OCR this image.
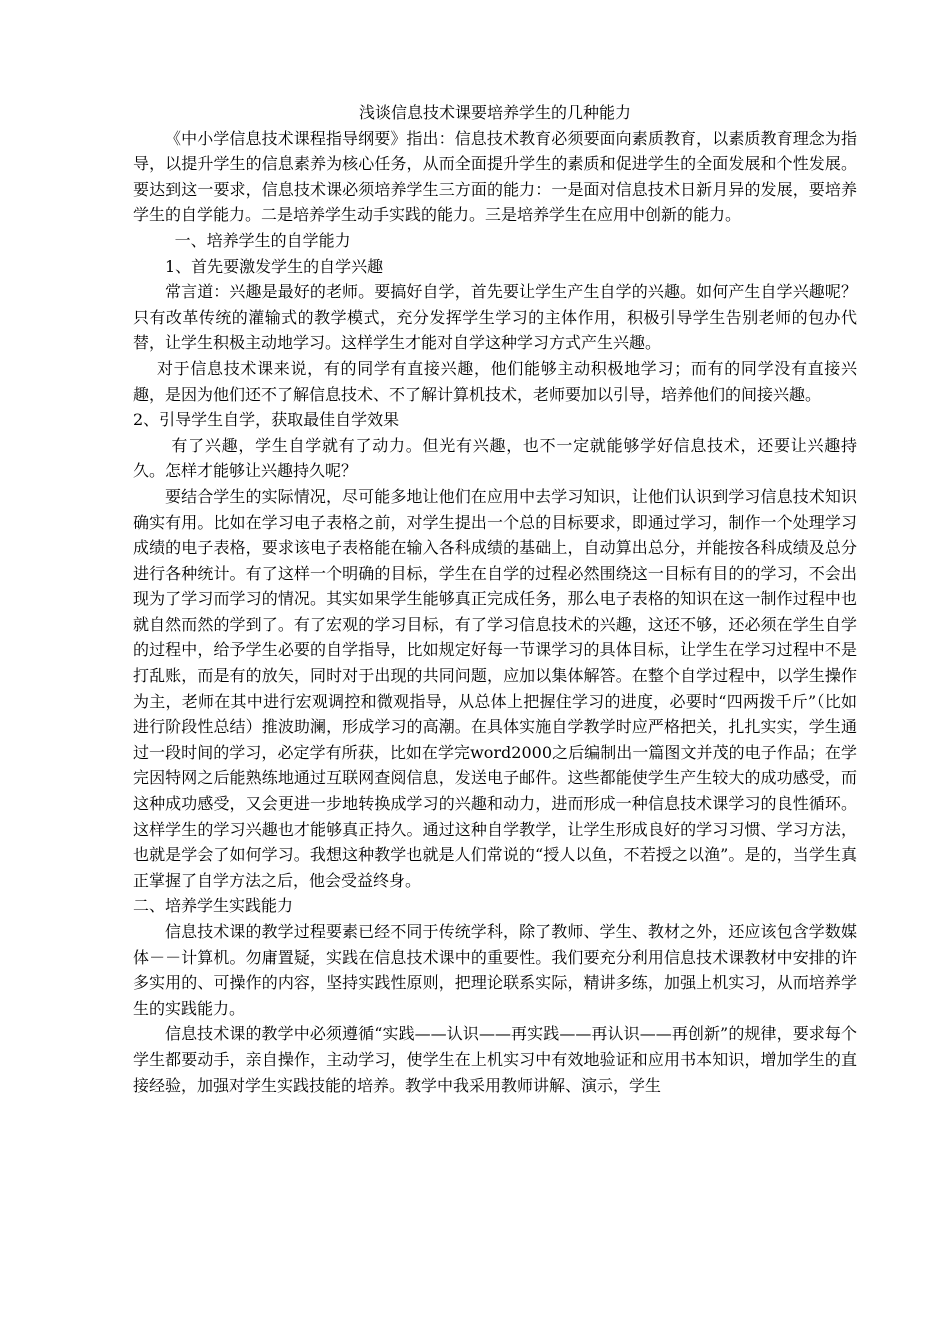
浅谈信息技术课要培养学生的几种能力

《中小学信息技术课程指导纲要》指出：信息技术教育必须要面向素质教育，以素质教育理念为指导，以提升学生的信息素养为核心任务，从而全面提升学生的素质和促进学生的全面发展和个性发展。要达到这一要求，信息技术课必须培养学生三方面的能力：一是面对信息技术日新月异的发展，要培养学生的自学能力。二是培养学生动手实践的能力。三是培养学生在应用中创新的能力。

一、培养学生的自学能力

1、首先要激发学生的自学兴趣

常言道：兴趣是最好的老师。要搞好自学，首先要让学生产生自学的兴趣。如何产生自学兴趣呢？只有改革传统的灌输式的教学模式，充分发挥学生学习的主体作用，积极引导学生告别老师的包办代替，让学生积极主动地学习。这样学生才能对自学这种学习方式产生兴趣。

对于信息技术课来说，有的同学有直接兴趣，他们能够主动积极地学习；而有的同学没有直接兴趣，是因为他们还不了解信息技术、不了解计算机技术，老师要加以引导，培养他们的间接兴趣。

2、引导学生自学，获取最佳自学效果

有了兴趣，学生自学就有了动力。但光有兴趣，也不一定就能够学好信息技术，还要让兴趣持久。怎样才能够让兴趣持久呢？

要结合学生的实际情况，尽可能多地让他们在应用中去学习知识，让他们认识到学习信息技术知识确实有用。比如在学习电子表格之前，对学生提出一个总的目标要求，即通过学习，制作一个处理学习成绩的电子表格，要求该电子表格能在输入各科成绩的基础上，自动算出总分，并能按各科成绩及总分进行各种统计。有了这样一个明确的目标，学生在自学的过程必然围绕这一目标有目的的学习，不会出现为了学习而学习的情况。其实如果学生能够真正完成任务，那么电子表格的知识在这一制作过程中也就自然而然的学到了。有了宏观的学习目标，有了学习信息技术的兴趣，这还不够，还必须在学生自学的过程中，给予学生必要的自学指导，比如规定好每一节课学习的具体目标，让学生在学习过程中不是打乱账，而是有的放矢，同时对于出现的共同问题，应加以集体解答。在整个自学过程中，以学生操作为主，老师在其中进行宏观调控和微观指导，从总体上把握住学习的进度，必要时“四两拨千斤”（比如进行阶段性总结）推波助澜，形成学习的高潮。在具体实施自学教学时应严格把关，扎扎实实，学生通过一段时间的学习，必定学有所获，比如在学完word2000之后编制出一篇图文并茂的电子作品；在学完因特网之后能熟练地通过互联网查阅信息，发送电子邮件。这些都能使学生产生较大的成功感受，而这种成功感受，又会更进一步地转换成学习的兴趣和动力，进而形成一种信息技术课学习的良性循环。这样学生的学习兴趣也才能够真正持久。通过这种自学教学，让学生形成良好的学习习惯、学习方法，也就是学会了如何学习。我想这种教学也就是人们常说的“授人以鱼，不若授之以渔”。是的，当学生真正掌握了自学方法之后，他会受益终身。

二、培养学生实践能力

信息技术课的教学过程要素已经不同于传统学科，除了教师、学生、教材之外，还应该包含学数媒体－－计算机。勿庸置疑，实践在信息技术课中的重要性。我们要充分利用信息技术课教材中安排的许多实用的、可操作的内容，坚持实践性原则，把理论联系实际，精讲多练，加强上机实习，从而培养学生的实践能力。

信息技术课的教学中必须遵循“实践——认识——再实践——再认识——再创新”的规律，要求每个学生都要动手，亲自操作，主动学习，使学生在上机实习中有效地验证和应用书本知识，增加学生的直接经验，加强对学生实践技能的培养。教学中我采用教师讲解、演示，学生
